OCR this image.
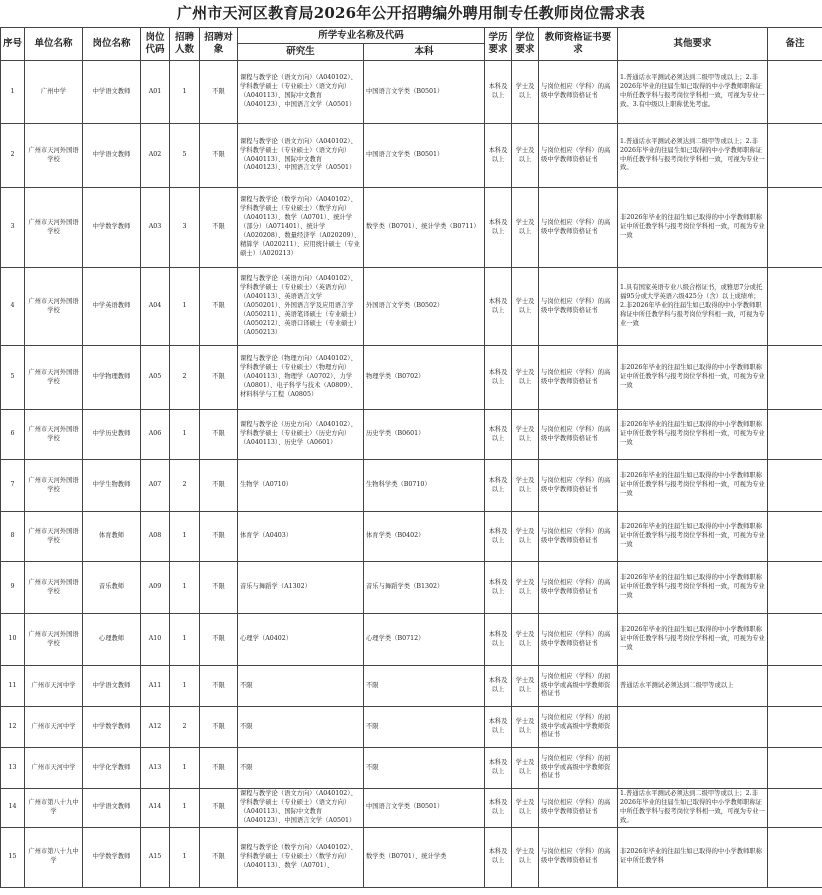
广州市天河区教育局2026年公开招聘编外聘用制专任教师岗位需求表
序号	单位名称	岗位名称	岗位代码	招聘人数	招聘对象	所学专业名称及代码		学历要求	学位要求	教师资格证书要求	其他要求	备注
						研究生	本科					
1	广州中学	中学语文教师	A01	1	不限	课程与教学论（语文方向）（A040102）、学科教学硕士（专业硕士）（语文方向）（A040113）、国际中文教育（A040123）、中国语言文学（A0501）	中国语言文学类（B0501）	本科及以上	学士及以上	与岗位相应（学科）的高级中学教师资格证书	1.普通话水平测试必须达到二级甲等或以上；2.非2026年毕业的往届生如已取得的中小学教师职称证中所任教学科与报考岗位学科相一致，可视为专业一致。3.有中级以上职称优先考虑。	
2	广州市天河外国语学校	中学语文教师	A02	5	不限	课程与教学论（语文方向）（A040102）、学科教学硕士（专业硕士）（语文方向）（A040113）、国际中文教育（A040123）、中国语言文学（A0501）	中国语言文学类（B0501）	本科及以上	学士及以上	与岗位相应（学科）的高级中学教师资格证书	1.普通话水平测试必须达到二级甲等或以上；2.非2026年毕业的往届生如已取得的中小学教师职称证中所任教学科与报考岗位学科相一致，可视为专业一致。	
3	广州市天河外国语学校	中学数学教师	A03	3	不限	课程与教学论（数学方向）（A040102）、学科教学硕士（专业硕士）（数学方向）（A040113）、数学（A0701）、统计学（部分）（A071401）、统计学（A020208）、数量经济学（A020209）、精算学（A020211）、应用统计硕士（专业硕士）（A020213）	数学类（B0701）、统计学类（B0711）	本科及以上	学士及以上	与岗位相应（学科）的高级中学教师资格证书	非2026年毕业的往届生如已取得的中小学教师职称证中所任教学科与报考岗位学科相一致，可视为专业一致	
4	广州市天河外国语学校	中学英语教师	A04	1	不限	课程与教学论（英语方向）（A040102）、学科教学硕士（专业硕士）（英语方向）（A040113）、英语语言文学（A050201）、外国语言学及应用语言学（A050211）、英语笔译硕士（专业硕士）（A050212）、英语口译硕士（专业硕士）（A050213）	外国语言文学类（B0502）	本科及以上	学士及以上	与岗位相应（学科）的高级中学教师资格证书	1.具有国家英语专业八级合格证书，或雅思7分或托福95分或大学英语六级425分（含）以上成绩单；2.非2026年毕业的往届生如已取得的中小学教师职称证中所任教学科与报考岗位学科相一致，可视为专业一致	
5	广州市天河外国语学校	中学物理教师	A05	2	不限	课程与教学论（物理方向）（A040102）、学科教学硕士（专业硕士）（物理方向）（A040113）、物理学（A0702）、力学（A0801）、电子科学与技术（A0809）、材料科学与工程（A0805）	物理学类（B0702）	本科及以上	学士及以上	与岗位相应（学科）的高级中学教师资格证书	非2026年毕业的往届生如已取得的中小学教师职称证中所任教学科与报考岗位学科相一致，可视为专业一致	
6	广州市天河外国语学校	中学历史教师	A06	1	不限	课程与教学论（历史方向）（A040102）、学科教学硕士（专业硕士）（历史方向）（A040113）、历史学（A0601）	历史学类（B0601）	本科及以上	学士及以上	与岗位相应（学科）的高级中学教师资格证书	非2026年毕业的往届生如已取得的中小学教师职称证中所任教学科与报考岗位学科相一致，可视为专业一致	
7	广州市天河外国语学校	中学生物教师	A07	2	不限	生物学（A0710）	生物科学类（B0710）	本科及以上	学士及以上	与岗位相应（学科）的高级中学教师资格证书	非2026年毕业的往届生如已取得的中小学教师职称证中所任教学科与报考岗位学科相一致，可视为专业一致	
8	广州市天河外国语学校	体育教师	A08	1	不限	体育学（A0403）	体育学类（B0402）	本科及以上	学士及以上	与岗位相应（学科）的高级中学教师资格证书	非2026年毕业的往届生如已取得的中小学教师职称证中所任教学科与报考岗位学科相一致，可视为专业一致	
9	广州市天河外国语学校	音乐教师	A09	1	不限	音乐与舞蹈学（A1302）	音乐与舞蹈学类（B1302）	本科及以上	学士及以上	与岗位相应（学科）的高级中学教师资格证书	非2026年毕业的往届生如已取得的中小学教师职称证中所任教学科与报考岗位学科相一致，可视为专业一致	
10	广州市天河外国语学校	心理教师	A10	1	不限	心理学（A0402）	心理学类（B0712）	本科及以上	学士及以上	与岗位相应（学科）的高级中学教师资格证书	非2026年毕业的往届生如已取得的中小学教师职称证中所任教学科与报考岗位学科相一致，可视为专业一致	
11	广州市天河中学	中学语文教师	A11	1	不限	不限	不限	本科及以上	学士及以上	与岗位相应（学科）的初级中学或高级中学教师资格证书	普通话水平测试必须达到二级甲等或以上	
12	广州市天河中学	中学数学教师	A12	2	不限	不限	不限	本科及以上	学士及以上	与岗位相应（学科）的初级中学或高级中学教师资格证书		
13	广州市天河中学	中学化学教师	A13	1	不限	不限	不限	本科及以上	学士及以上	与岗位相应（学科）的初级中学或高级中学教师资格证书		
14	广州市第八十九中学	中学语文教师	A14	1	不限	课程与教学论（语文方向）（A040102）、学科教学硕士（专业硕士）（语文方向）（A040113）、国际中文教育（A040123）、中国语言文学（A0501）	中国语言文学类（B0501）	本科及以上	学士及以上	与岗位相应（学科）的高级中学教师资格证书	1.普通话水平测试必须达到二级甲等或以上；2.非2026年毕业的往届生如已取得的中小学教师职称证中所任教学科与报考岗位学科相一致，可视为专业一致。	
15	广州市第八十九中学	中学数学教师	A15	1	不限	课程与教学论（数学方向）（A040102）、学科教学硕士（专业硕士）（数学方向）（A040113）、数学（A0701）、	数学类（B0701）、统计学类	本科及以上	学士及以上	与岗位相应（学科）的高级中学教师资格证书	非2026年毕业的往届生如已取得的中小学教师职称证中所任教学科	
